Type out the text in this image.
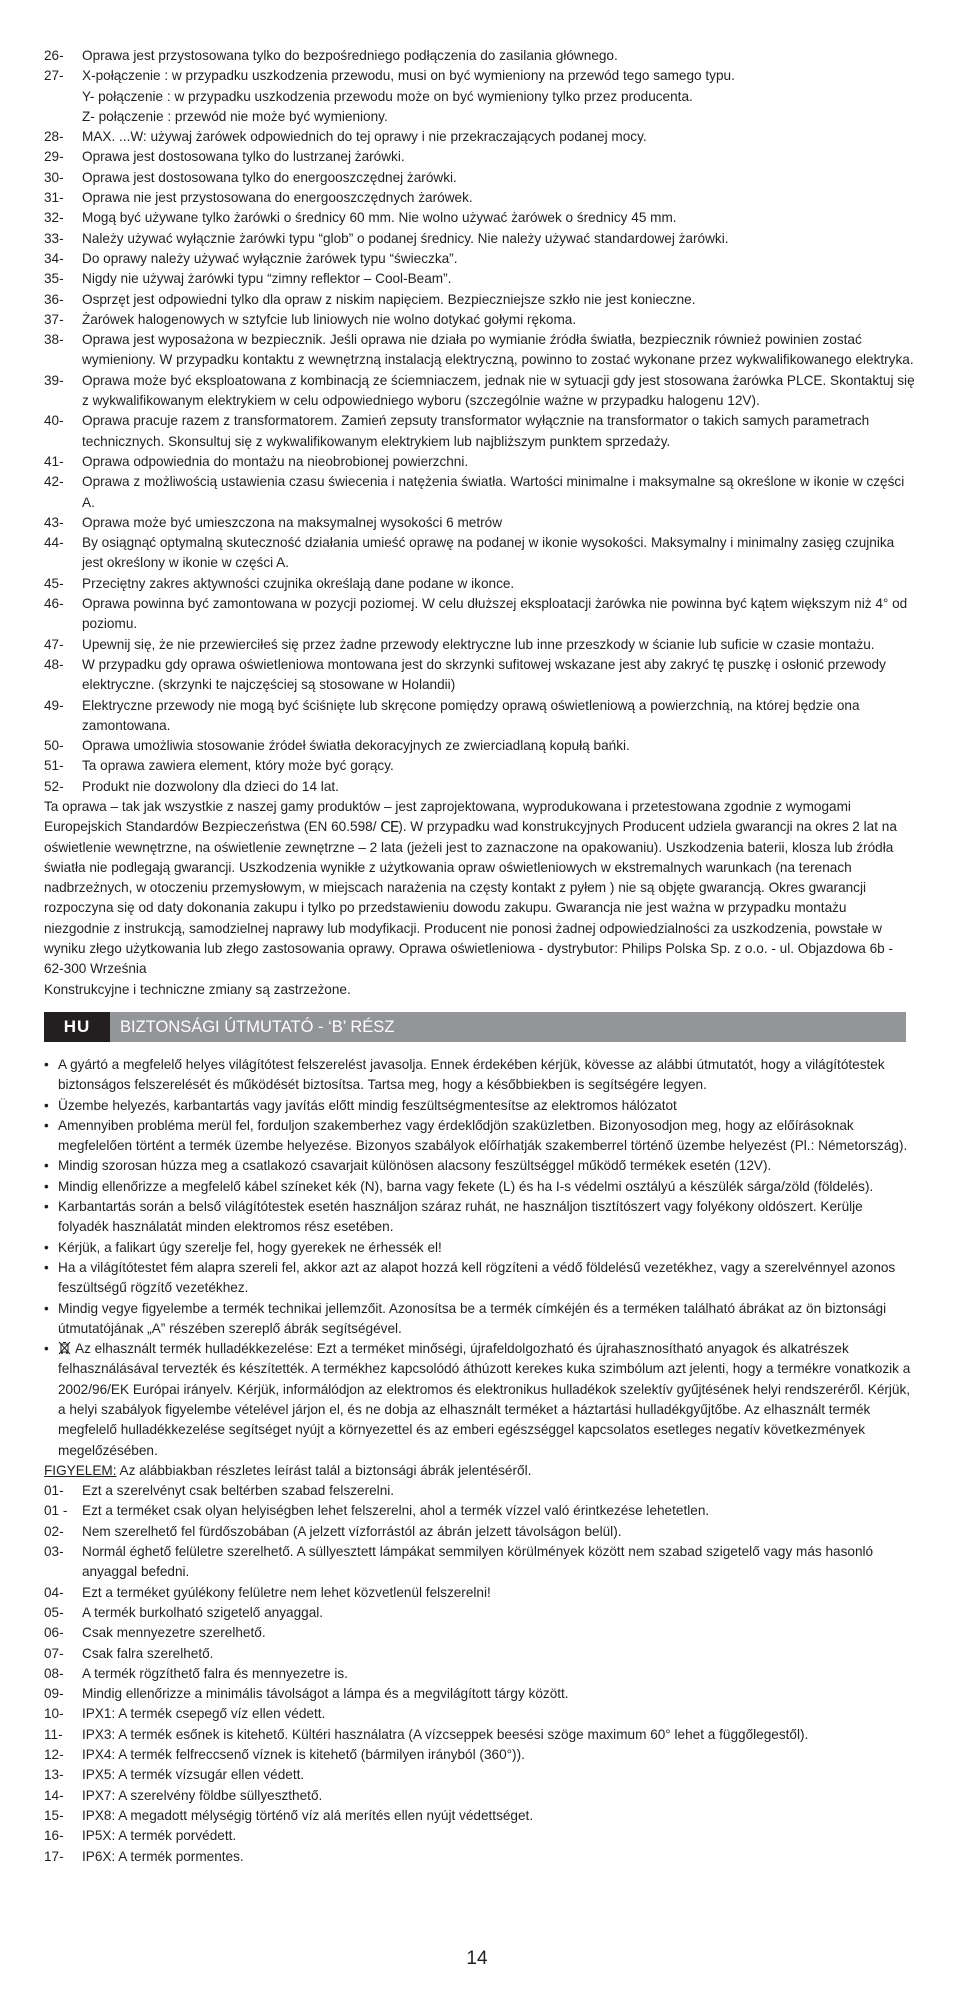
26-	Oprawa jest przystosowana tylko do bezpośredniego podłączenia do zasilania głównego.
27-	X-połączenie : w przypadku uszkodzenia przewodu, musi on być wymieniony na przewód tego samego typu.
Y- połączenie : w przypadku uszkodzenia przewodu może on być wymieniony tylko przez producenta.
Z- połączenie : przewód nie może być wymieniony.
28-	MAX. ...W: używaj żarówek odpowiednich do tej oprawy i nie przekraczających podanej mocy.
29-	Oprawa jest dostosowana tylko do lustrzanej żarówki.
30-	Oprawa jest dostosowana tylko do energooszczędnej żarówki.
31-	Oprawa nie jest przystosowana do energooszczędnych żarówek.
32-	Mogą być używane tylko żarówki o średnicy 60 mm. Nie wolno używać żarówek o średnicy 45 mm.
33-	Należy używać wyłącznie żarówki typu “glob” o podanej średnicy. Nie należy używać standardowej żarówki.
34-	Do oprawy należy używać wyłącznie żarówek typu “świeczka”.
35-	Nigdy nie używaj żarówki typu “zimny reflektor – Cool-Beam”.
36-	Osprzęt jest odpowiedni tylko dla opraw z niskim napięciem. Bezpieczniejsze szkło nie jest konieczne.
37-	Żarówek halogenowych w sztyfcie lub liniowych nie wolno dotykać gołymi rękoma.
38-	Oprawa jest wyposażona w bezpiecznik. Jeśli oprawa nie działa po wymianie źródła światła, bezpiecznik również powinien zostać wymieniony. W przypadku kontaktu z wewnętrzną instalacją elektryczną, powinno to zostać wykonane przez wykwalifikowanego elektryka.
39-	Oprawa może być eksploatowana z kombinacją ze ściemniaczem, jednak nie w sytuacji gdy jest stosowana żarówka PLCE. Skontaktuj się z wykwalifikowanym elektrykiem w celu odpowiedniego wyboru (szczególnie ważne w przypadku halogenu 12V).
40-	Oprawa pracuje razem z transformatorem. Zamień zepsuty transformator wyłącznie na transformator o takich samych parametrach technicznych. Skonsultuj się z wykwalifikowanym elektrykiem lub najbliższym punktem sprzedaży.
41-	Oprawa odpowiednia do montażu na nieobrobionej powierzchni.
42-	Oprawa z możliwością ustawienia czasu świecenia i natężenia światła. Wartości minimalne i maksymalne są określone w ikonie w części A.
43-	Oprawa może być umieszczona na maksymalnej wysokości 6 metrów
44-	By osiągnąć optymalną skuteczność działania umieść oprawę na podanej w ikonie wysokości. Maksymalny i minimalny zasięg czujnika jest określony w ikonie w części A.
45-	Przeciętny zakres aktywności czujnika określają dane podane w ikonce.
46-	Oprawa powinna być zamontowana w pozycji poziomej. W celu dłuższej eksploatacji żarówka nie powinna być kątem większym niż 4° od poziomu.
47-	Upewnij się, że nie przewierciłeś się przez żadne przewody elektryczne lub inne przeszkody w ścianie lub suficie w czasie montażu.
48-	W przypadku gdy oprawa oświetleniowa montowana jest do skrzynki sufitowej wskazane jest aby zakryć tę puszkę i osłonić przewody elektryczne. (skrzynki te najczęściej są stosowane w Holandii)
49-	Elektryczne przewody nie mogą być ściśnięte lub skręcone pomiędzy oprawą oświetleniową a powierzchnią, na której będzie ona zamontowana.
50-	Oprawa umożliwia stosowanie źródeł światła dekoracyjnych ze zwierciadlaną kopułą bańki.
51-	Ta oprawa zawiera element, który może być gorący.
52-	Produkt nie dozwolony dla dzieci do 14 lat.

Ta oprawa – tak jak wszystkie z naszej gamy produktów – jest zaprojektowana, wyprodukowana i przetestowana zgodnie z wymogami Europejskich Standardów Bezpieczeństwa (EN 60.598/ CE). W przypadku wad konstrukcyjnych Producent udziela gwarancji na okres 2 lat na oświetlenie wewnętrzne, na oświetlenie zewnętrzne – 2 lata (jeżeli jest to zaznaczone na opakowaniu). Uszkodzenia baterii, klosza lub źródła światła nie podlegają gwarancji. Uszkodzenia wynikłe z użytkowania opraw oświetleniowych w ekstremalnych warunkach (na terenach nadbrzeżnych, w otoczeniu przemysłowym, w miejscach narażenia na częsty kontakt z pyłem ) nie są objęte gwarancją. Okres gwarancji rozpoczyna się od daty dokonania zakupu i tylko po przedstawieniu dowodu zakupu. Gwarancja nie jest ważna w przypadku montażu niezgodnie z instrukcją, samodzielnej naprawy lub modyfikacji. Producent nie ponosi żadnej odpowiedzialności za uszkodzenia, powstałe w wyniku złego użytkowania lub złego zastosowania oprawy. Oprawa oświetleniowa - dystrybutor: Philips Polska Sp. z o.o. - ul. Objazdowa 6b - 62-300 Września

Konstrukcyjne i techniczne zmiany są zastrzeżone.

HU	BIZTONSÁGI ÚTMUTATÓ - ‘B’ RÉSZ
• A gyártó a megfelelő helyes világítótest felszerelést javasolja. Ennek érdekében kérjük, kövesse az alábbi útmutatót, hogy a világítótestek biztonságos felszerelését és működését biztosítsa. Tartsa meg, hogy a későbbiekben is segítségére legyen.
• Üzembe helyezés, karbantartás vagy javítás előtt mindig feszültségmentesítse az elektromos hálózatot
• Amennyiben probléma merül fel, forduljon szakemberhez vagy érdeklődjön szaküzletben. Bizonyosodjon meg, hogy az előírásoknak megfelelően történt a termék üzembe helyezése. Bizonyos szabályok előírhatják szakemberrel történő üzembe helyezést (Pl.: Németország).
• Mindig szorosan húzza meg a csatlakozó csavarjait különösen alacsony feszültséggel működő termékek esetén (12V).
• Mindig ellenőrizze a megfelelő kábel színeket kék (N), barna vagy fekete (L) és ha I-s védelmi osztályú a készülék sárga/zöld (földelés).
• Karbantartás során a belső világítótestek esetén használjon száraz ruhát, ne használjon tisztítószert vagy folyékony oldószert. Kerülje folyadék használatát minden elektromos rész esetében.
• Kérjük, a falikart úgy szerelje fel, hogy gyerekek ne érhessék el!
• Ha a világítótestet fém alapra szereli fel, akkor azt az alapot hozzá kell rögzíteni a védő földelésű vezetékhez, vagy a szerelvénnyel azonos feszültségű rögzítő vezetékhez.
• Mindig vegye figyelembe a termék technikai jellemzőit. Azonosítsa be a termék címkéjén és a terméken található ábrákat az ön biztonsági útmutatójának „A” részében szereplő ábrák segítségével.
•	Az elhasznált termék hulladékkezelése: Ezt a terméket minőségi, újrafeldolgozható és újrahasznosítható anyagok és alkatrészek felhasználásával tervezték és készítették. A termékhez kapcsolódó áthúzott kerekes kuka szimbólum azt jelenti, hogy a termékre vonatkozik a 2002/96/EK Európai irányelv. Kérjük, informálódjon az elektromos és elektronikus hulladékok szelektív gyűjtésének helyi rendszeréről. Kérjük, a helyi szabályok figyelembe vételével járjon el, és ne dobja az elhasznált terméket a háztartási hulladékgyűjtőbe. Az elhasznált termék megfelelő hulladékkezelése segítséget nyújt a környezettel és az emberi egészséggel kapcsolatos esetleges negatív következmények megelőzésében.

FIGYELEM: Az alábbiakban részletes leírást talál a biztonsági ábrák jelentéséről.

01-	Ezt a szerelvényt csak beltérben szabad felszerelni.
01 -	Ezt a terméket csak olyan helyiségben lehet felszerelni, ahol a termék vízzel való érintkezése lehetetlen.
02-	Nem szerelhető fel fürdőszobában (A jelzett vízforrástól az ábrán jelzett távolságon belül).
03-	Normál éghető felületre szerelhető. A süllyesztett lámpákat semmilyen körülmények között nem szabad szigetelő vagy más hasonló anyaggal befedni.
04-	Ezt a terméket gyúlékony felületre nem lehet közvetlenül felszerelni!
05-	A termék burkolható szigetelő anyaggal.
06-	Csak mennyezetre szerelhető.
07-	Csak falra szerelhető.
08-	A termék rögzíthető falra és mennyezetre is.
09-	Mindig ellenőrizze a minimális távolságot a lámpa és a megvilágított tárgy között.
10-	IPX1: A termék csepegő víz ellen védett.
11-	IPX3: A termék esőnek is kitehető. Kültéri használatra (A vízcseppek beesési szöge maximum 60° lehet a függőlegestől).
12-	IPX4: A termék felfreccsenő víznek is kitehető (bármilyen irányból (360°)).
13-	IPX5: A termék vízsugár ellen védett.
14-	IPX7: A szerelvény földbe süllyeszthető.
15-	IPX8: A megadott mélységig történő víz alá merítés ellen nyújt védettséget.
16-	IP5X: A termék porvédett.
17-	IP6X: A termék pormentes.
14
